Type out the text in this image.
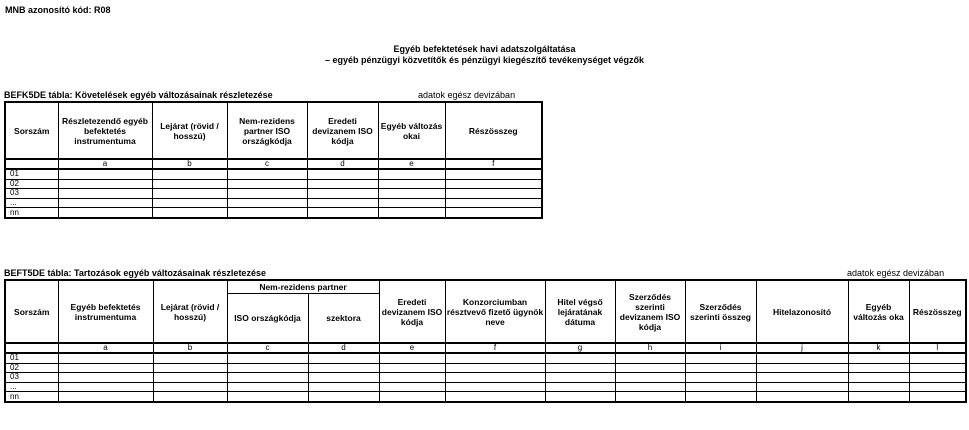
MNB azonosító kód: R08
Egyéb befektetések havi adatszolgáltatása
– egyéb pénzügyi közvetítők és pénzügyi kiegészítő tevékenységet végzők
BEFK5DE tábla: Követelések egyéb változásainak részletezése	adatok egész devizában
Sorszám	Részletezendő egyéb befektetés instrumentuma	Lejárat (rövid / hosszú)	Nem-rezidens partner ISO országkódja	Eredeti devizanem ISO kódja	Egyéb változás okai	Részösszeg
	a	b	c	d	e	f
01						
02						
03						
...						
nn						
BEFT5DE tábla: Tartozások egyéb változásainak részletezése	adatok egész devizában
Sorszám	Egyéb befektetés instrumentuma	Lejárat (rövid / hosszú)	Nem-rezidens partner		Eredeti devizanem ISO kódja	Konzorciumban résztvevő fizető ügynök neve	Hitel végső lejáratának dátuma	Szerződés szerinti devizanem ISO kódja	Szerződés szerinti összeg	Hitelazonosító	Egyéb változás oka	Részösszeg
			ISO országkódja	szektora								
	a	b	c	d	e	f	g	h	i	j	k	l
01												
02												
03												
...												
nn												
